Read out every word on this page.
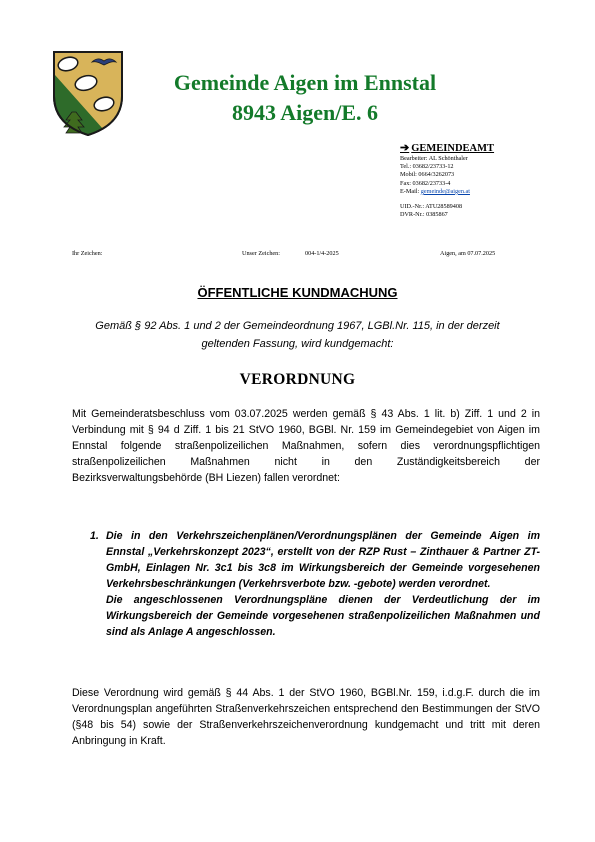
Gemeinde Aigen im Ennstal
8943 Aigen/E. 6
➔ GEMEINDEAMT
Bearbeiter: AL Schönthaler
Tel.: 03682/23733-12
Mobil: 0664/3262073
Fax: 03682/23733-4
E-Mail: gemeinde@aigen.at
UID.-Nr.: ATU28589408
DVR-Nr.: 0385867
Ihr Zeichen:	Unser Zeichen:	004-1/4-2025	Aigen, am 07.07.2025
ÖFFENTLICHE KUNDMACHUNG
Gemäß § 92 Abs. 1 und 2 der Gemeindeordnung 1967, LGBl.Nr. 115, in der derzeit geltenden Fassung, wird kundgemacht:
VERORDNUNG
Mit Gemeinderatsbeschluss vom 03.07.2025 werden gemäß § 43 Abs. 1 lit. b) Ziff. 1 und 2 in Verbindung mit § 94 d Ziff. 1 bis 21 StVO 1960, BGBl. Nr. 159 im Gemeindegebiet von Aigen im Ennstal folgende straßenpolizeilichen Maßnahmen, sofern dies verordnungspflichtigen straßenpolizeilichen Maßnahmen nicht in den Zuständigkeitsbereich der Bezirksverwaltungsbehörde (BH Liezen) fallen verordnet:
1. Die in den Verkehrszeichenplänen/Verordnungsplänen der Gemeinde Aigen im Ennstal „Verkehrskonzept 2023“, erstellt von der RZP Rust – Zinthauer & Partner ZT-GmbH, Einlagen Nr. 3c1 bis 3c8 im Wirkungsbereich der Gemeinde vorgesehenen Verkehrsbeschränkungen (Verkehrsverbote bzw. -gebote) werden verordnet.
Die angeschlossenen Verordnungspläne dienen der Verdeutlichung der im Wirkungsbereich der Gemeinde vorgesehenen straßenpolizeilichen Maßnahmen und sind als Anlage A angeschlossen.
Diese Verordnung wird gemäß § 44 Abs. 1 der StVO 1960, BGBl.Nr. 159, i.d.g.F. durch die im Verordnungsplan angeführten Straßenverkehrszeichen entsprechend den Bestimmungen der StVO (§48 bis 54) sowie der Straßenverkehrszeichenverordnung kundgemacht und tritt mit deren Anbringung in Kraft.
